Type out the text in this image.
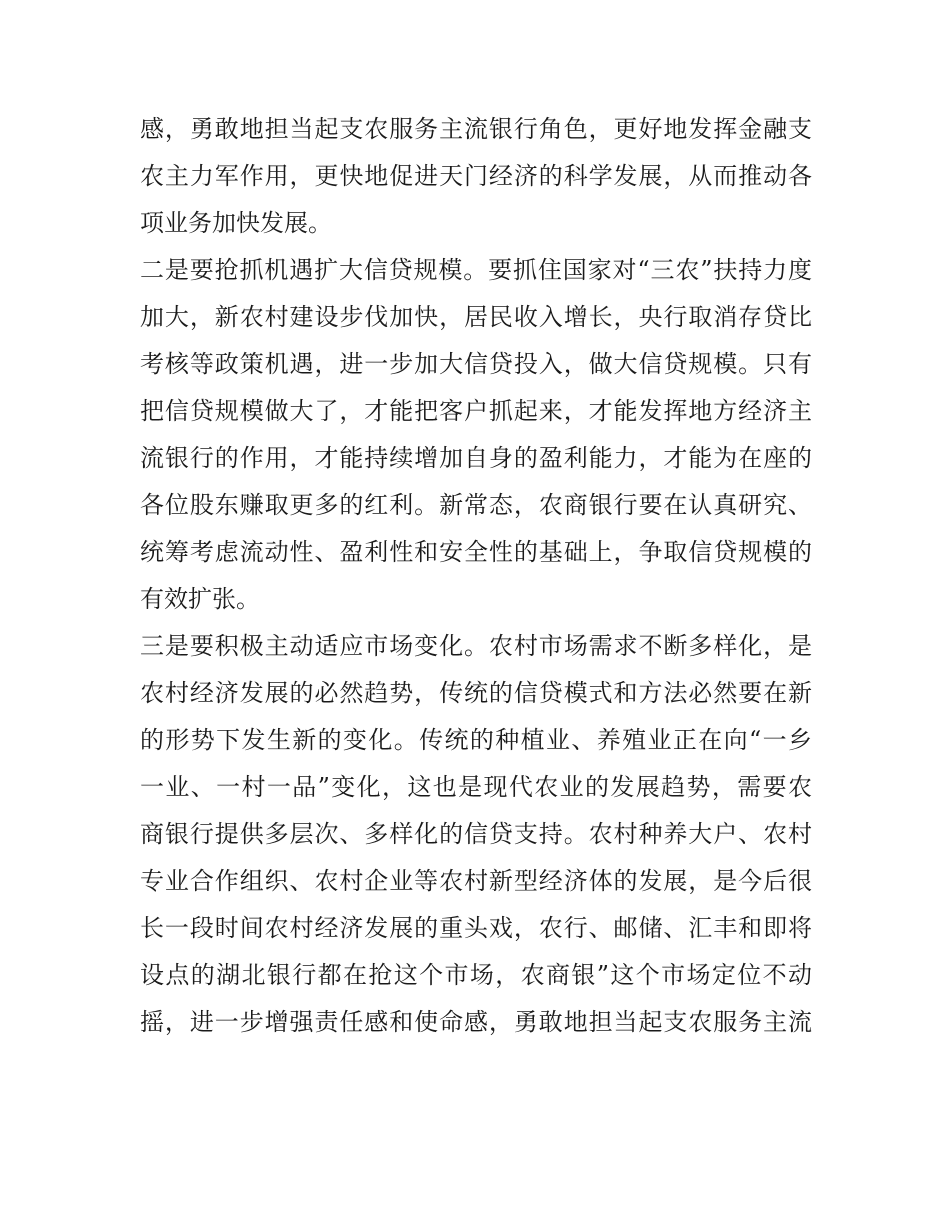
感，勇敢地担当起支农服务主流银行角色，更好地发挥金融支
农主力军作用，更快地促进天门经济的科学发展，从而推动各
项业务加快发展。
二是要抢抓机遇扩大信贷规模。要抓住国家对“三农”扶持力度
加大，新农村建设步伐加快，居民收入增长，央行取消存贷比
考核等政策机遇，进一步加大信贷投入，做大信贷规模。只有
把信贷规模做大了，才能把客户抓起来，才能发挥地方经济主
流银行的作用，才能持续增加自身的盈利能力，才能为在座的
各位股东赚取更多的红利。新常态，农商银行要在认真研究、
统筹考虑流动性、盈利性和安全性的基础上，争取信贷规模的
有效扩张。
三是要积极主动适应市场变化。农村市场需求不断多样化，是
农村经济发展的必然趋势，传统的信贷模式和方法必然要在新
的形势下发生新的变化。传统的种植业、养殖业正在向“一乡
一业、一村一品”变化，这也是现代农业的发展趋势，需要农
商银行提供多层次、多样化的信贷支持。农村种养大户、农村
专业合作组织、农村企业等农村新型经济体的发展，是今后很
长一段时间农村经济发展的重头戏，农行、邮储、汇丰和即将
设点的湖北银行都在抢这个市场，农商银”这个市场定位不动
摇，进一步增强责任感和使命感，勇敢地担当起支农服务主流
